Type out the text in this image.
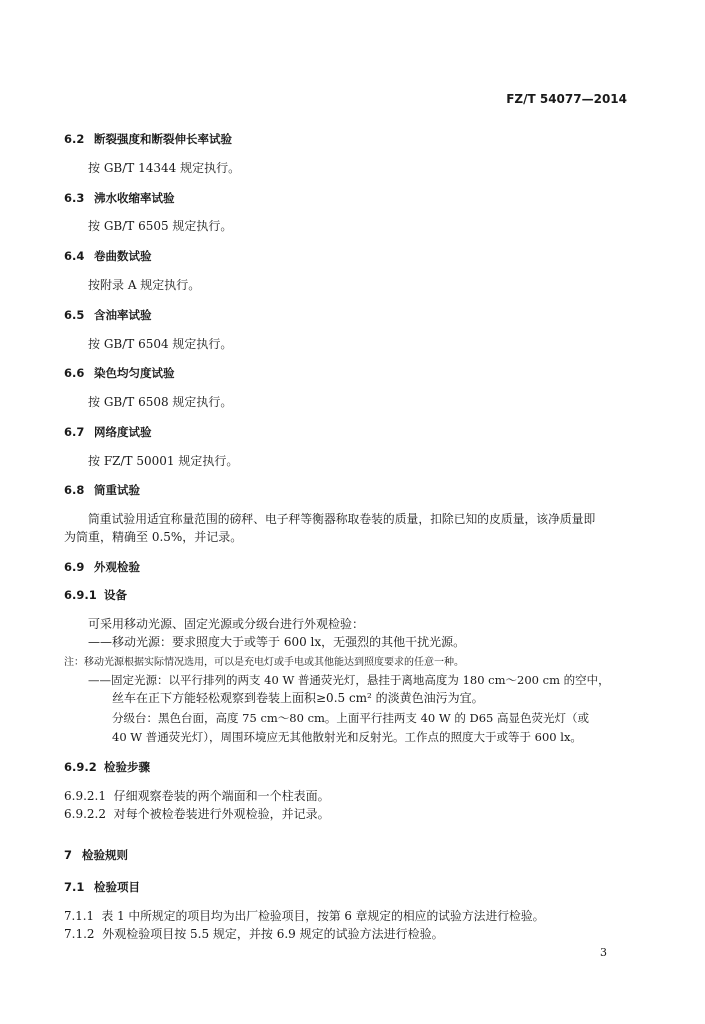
FZ/T 54077—2014
6.2 断裂强度和断裂伸长率试验
按 GB/T 14344 规定执行。
6.3 沸水收缩率试验
按 GB/T 6505 规定执行。
6.4 卷曲数试验
按附录 A 规定执行。
6.5 含油率试验
按 GB/T 6504 规定执行。
6.6 染色均匀度试验
按 GB/T 6508 规定执行。
6.7 网络度试验
按 FZ/T 50001 规定执行。
6.8 筒重试验
筒重试验用适宜称量范围的磅秤、电子秤等衡器称取卷装的质量，扣除已知的皮质量，该净质量即
为筒重，精确至 0.5%，并记录。
6.9 外观检验
6.9.1 设备
可采用移动光源、固定光源或分级台进行外观检验：
——移动光源：要求照度大于或等于 600 lx，无强烈的其他干扰光源。
注：移动光源根据实际情况选用，可以是充电灯或手电或其他能达到照度要求的任意一种。
——固定光源：以平行排列的两支 40 W 普通荧光灯，悬挂于离地高度为 180 cm～200 cm 的空中，
丝车在正下方能轻松观察到卷装上面积≥0.5 cm² 的淡黄色油污为宜。
分级台：黑色台面，高度 75 cm～80 cm。上面平行挂两支 40 W 的 D65 高显色荧光灯（或
40 W 普通荧光灯），周围环境应无其他散射光和反射光。工作点的照度大于或等于 600 lx。
6.9.2 检验步骤
6.9.2.1 仔细观察卷装的两个端面和一个柱表面。
6.9.2.2 对每个被检卷装进行外观检验，并记录。
7 检验规则
7.1 检验项目
7.1.1 表 1 中所规定的项目均为出厂检验项目，按第 6 章规定的相应的试验方法进行检验。
7.1.2 外观检验项目按 5.5 规定，并按 6.9 规定的试验方法进行检验。
3
